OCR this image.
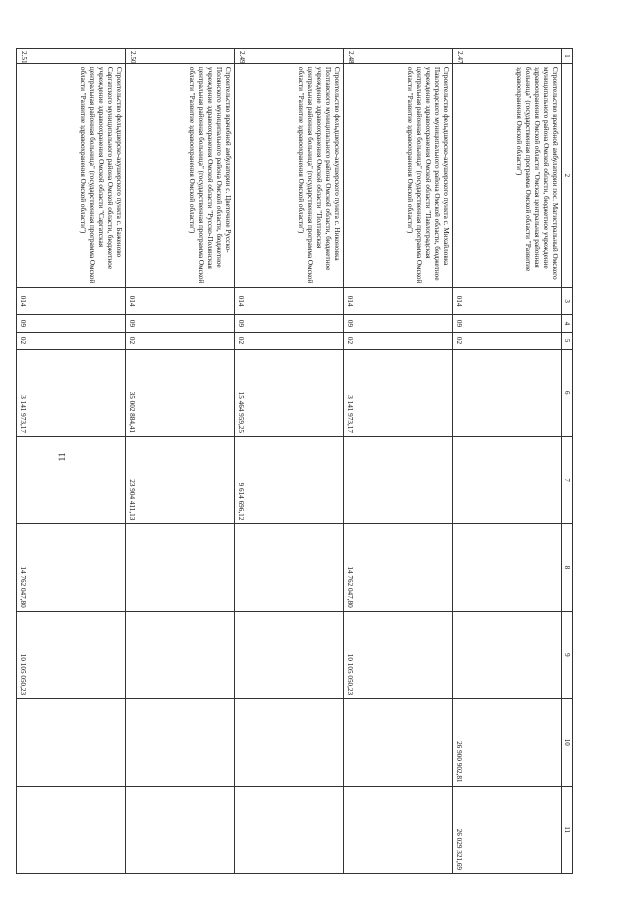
11
1	2	3	4	5	6	7	8	9	10	11
2.47	Строительство врачебной амбулатории пос. Магистральный Омского муниципального района Омской области, бюджетное учреждение здравоохранения Омской области "Омская центральная районная больница" (государственная программа Омской области "Развитие здравоохранения Омской области")	014	09	02					26 900 902,81	26 029 321,69
2.48	Строительство фельдшерско-акушерского пункта с. Михайловка Павлоградского муниципального района Омской области, бюджетное учреждение здравоохранения Омской области "Павлоградская центральная районная больница" (государственная программа Омской области "Развитие здравоохранения Омской области")	014	09	02	3 141 973,17		14 762 047,80	10 105 050,23		
2.49	Строительство фельдшерско-акушерского пункта с. Никоновка Полтавского муниципального района Омской области, бюджетное учреждение здравоохранения Омской области "Полтавская центральная районная больница" (государственная программа Омской области "Развитие здравоохранения Омской области")	014	09	02	15 464 959,25	9 614 696,12				
2.50	Строительство врачебной амбулатории с. Цветочное Русско-Полянского муниципального района Омской области, бюджетное учреждение здравоохранения Омской области "Русско-Полянская центральная районная больница" (государственная программа Омской области "Развитие здравоохранения Омской области")	014	09	02	35 002 884,41	23 904 411,13				
2.51	Строительство фельдшерско-акушерского пункта с. Баженово Саргатского муниципального района Омской области, бюджетное учреждение здравоохранения Омской области "Саргатская центральная районная больница" (государственная программа Омской области "Развитие здравоохранения Омской области")	014	09	02	3 141 973,17		14 762 047,80	10 105 050,23		
